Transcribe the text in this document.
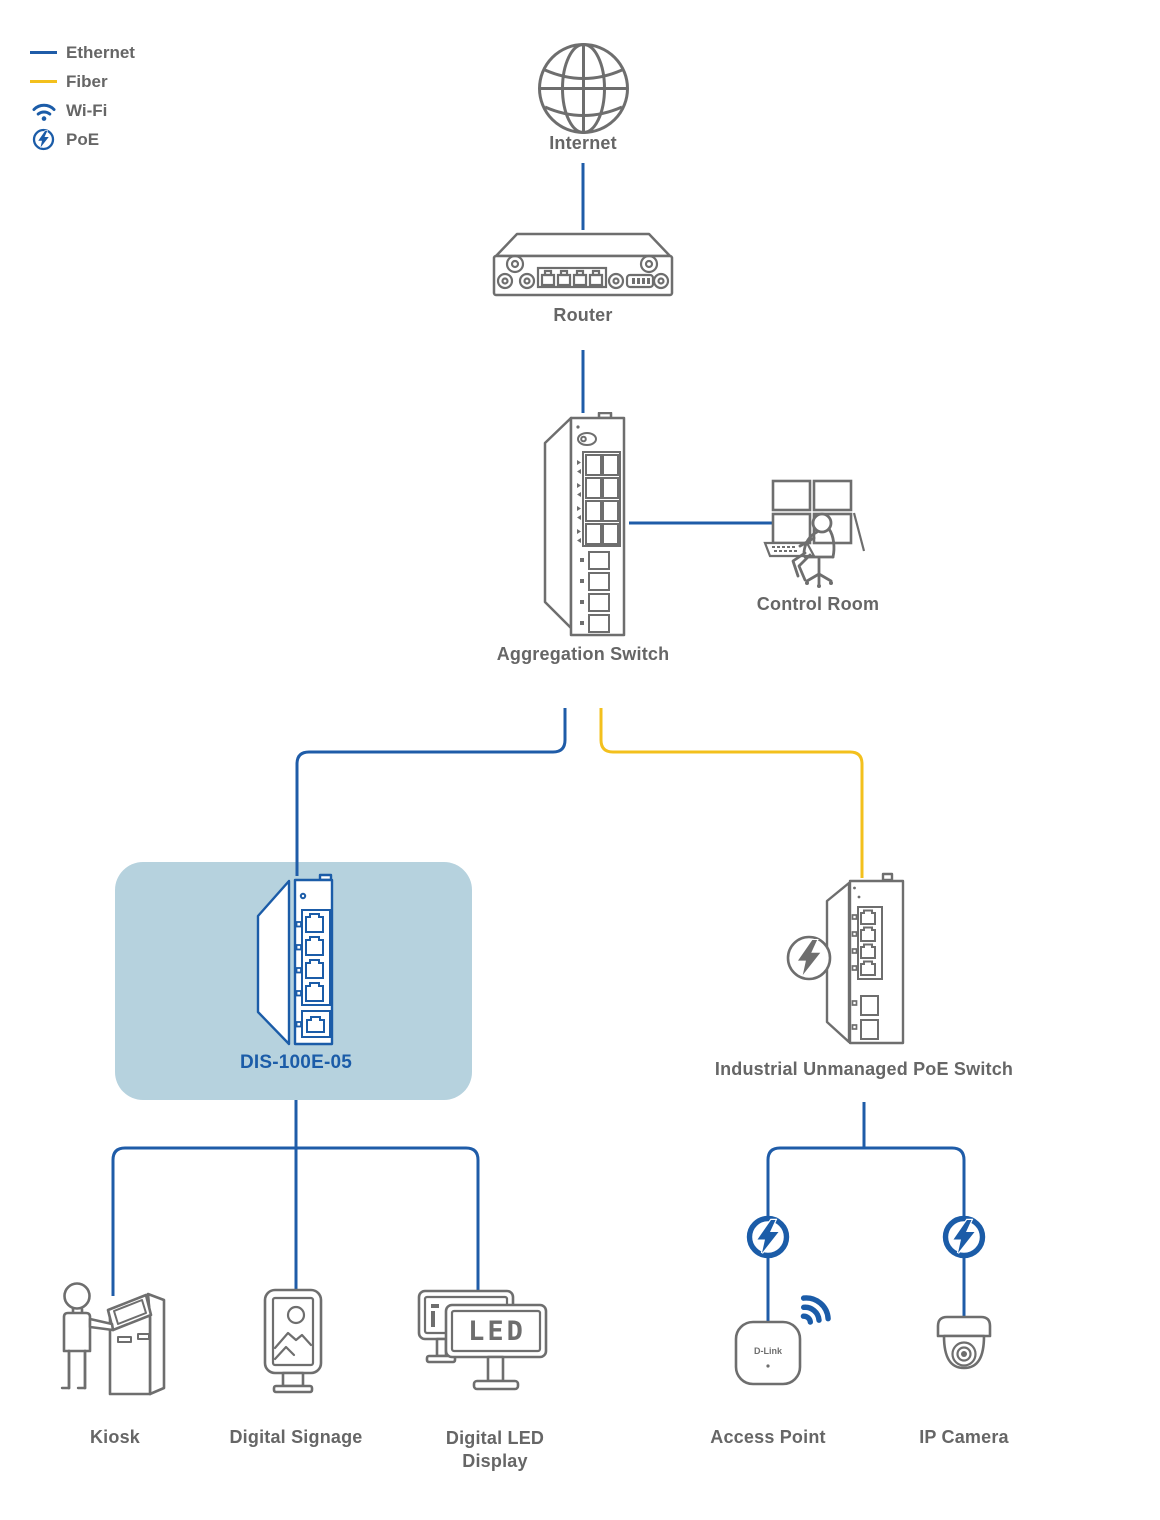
Ethernet
Fiber
Wi-Fi
PoE	Internet
Router
Aggregation Switch
Control Room
DIS-100E-05	Industrial Unmanaged PoE Switch
Kiosk	Digital Signage
LED
Digital LED Display
D-Link
Access Point	IP Camera
